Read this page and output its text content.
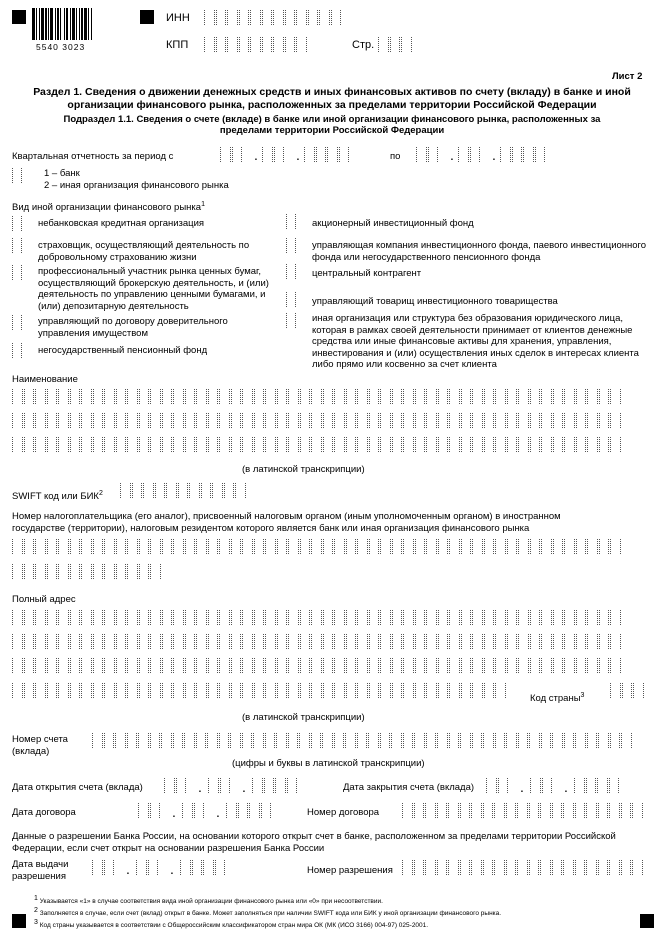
5540 3023
ИНН
КПП	Стр.
Лист 2
Раздел 1. Сведения о движении денежных средств и иных финансовых активов по счету (вкладу) в банке и иной организации финансового рынка, расположенных за пределами территории Российской Федерации
Подраздел 1.1. Сведения о счете (вкладе) в банке или иной организации финансового рынка, расположенных за пределами территории Российской Федерации
Квартальная отчетность за период с	.	.	по	.	.
1 – банк
2 – иная организация финансового рынка
Вид иной организации финансового рынка$^1$
небанковская кредитная организация
страховщик, осуществляющий деятельность по добровольному страхованию жизни
профессиональный участник рынка ценных бумаг, осуществляющий брокерскую деятельность, и (или) деятельность по управлению ценными бумагами, и (или) депозитарную деятельность
управляющий по договору доверительного управления имуществом
негосударственный пенсионный фонд
акционерный инвестиционный фонд
управляющая компания инвестиционного фонда, паевого инвестиционного фонда или негосударственного пенсионного фонда
центральный контрагент
управляющий товарищ инвестиционного товарищества
иная организация или структура без образования юридического лица, которая в рамках своей деятельности принимает от клиентов денежные средства или иные финансовые активы для хранения, управления, инвестирования и (или) осуществления иных сделок в интересах клиента либо прямо или косвенно за счет клиента
Наименование
(в латинской транскрипции)
SWIFT код или БИК$^2$
Номер налогоплательщика (его аналог), присвоенный налоговым органом (иным уполномоченным органом) в иностранном государстве (территории), налоговым резидентом которого является банк или иная организация финансового рынка
Полный адрес
Код страны$^3$
(в латинской транскрипции)
Номер счета (вклада)
(цифры и буквы в латинской транскрипции)
Дата открытия счета (вклада)	.	.	Дата закрытия счета (вклада)	.	.
Дата договора	.	.	Номер договора
Данные о разрешении Банка России, на основании которого открыт счет в банке, расположенном за пределами территории Российской Федерации, если счет открыт на основании разрешения Банка России
Дата выдачи разрешения	.	.	Номер разрешения
$^1$ Указывается «1» в случае соответствия вида иной организации финансового рынка или «0» при несоответствии.
$^2$ Заполняется в случае, если счет (вклад) открыт в банке. Может заполняться при наличии SWIFT кода или БИК у иной организации финансового рынка.
$^3$ Код страны указывается в соответствии с Общероссийским классификатором стран мира ОК (МК (ИСО 3166) 004-97) 025-2001.
